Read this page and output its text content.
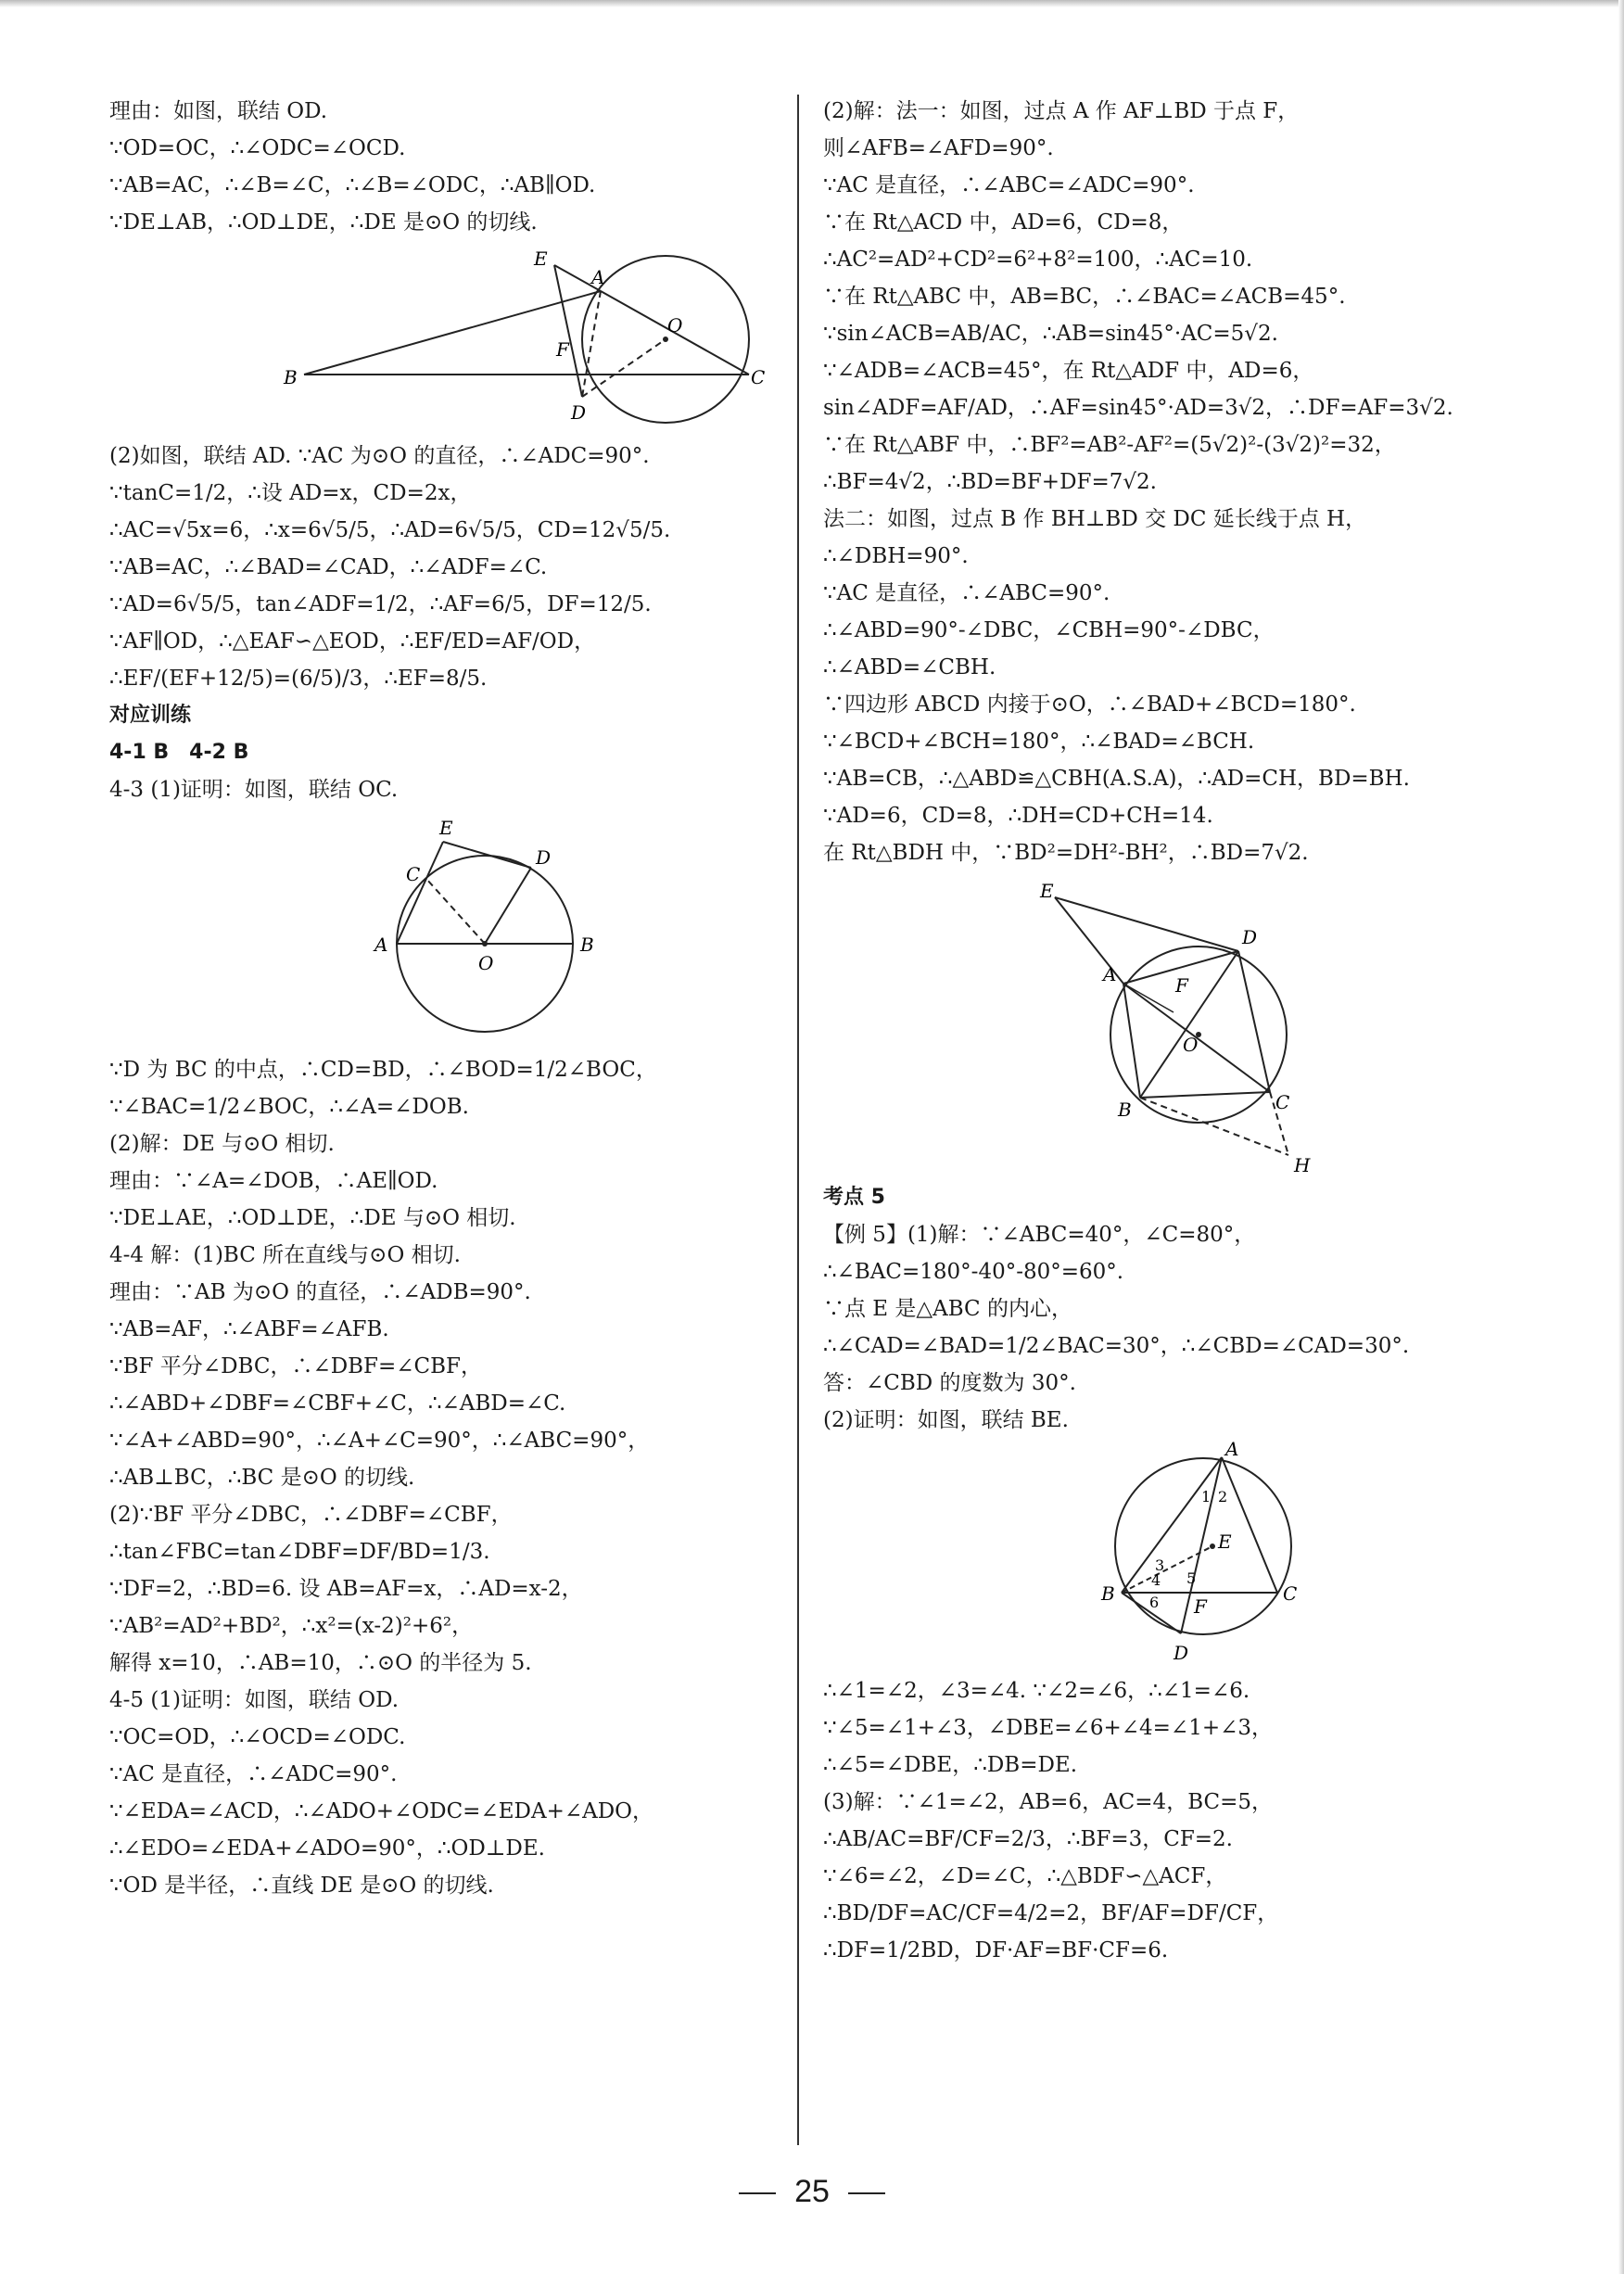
理由：如图，联结 OD.
∵OD=OC，∴∠ODC=∠OCD.
∵AB=AC，∴∠B=∠C，∴∠B=∠ODC，∴AB∥OD.
∵DE⊥AB，∴OD⊥DE，∴DE 是⊙O 的切线.
E
A
O
F
B
D
C
(2)如图，联结 AD. ∵AC 为⊙O 的直径，∴∠ADC=90°.
∵tanC=1/2，∴设 AD=x，CD=2x，
∴AC=√5x=6，∴x=6√5/5，∴AD=6√5/5，CD=12√5/5.
∵AB=AC，∴∠BAD=∠CAD，∴∠ADF=∠C.
∵AD=6√5/5，tan∠ADF=1/2，∴AF=6/5，DF=12/5.
∵AF∥OD，∴△EAF∽△EOD，∴EF/ED=AF/OD，
∴EF/(EF+12/5)=(6/5)/3，∴EF=8/5.
对应训练
4-1 B　4-2 B
4-3 (1)证明：如图，联结 OC.
E
D
C
A
O
B
∵D 为 BC 的中点，∴CD=BD，∴∠BOD=1/2∠BOC，
∵∠BAC=1/2∠BOC，∴∠A=∠DOB.
(2)解：DE 与⊙O 相切.
理由：∵∠A=∠DOB，∴AE∥OD.
∵DE⊥AE，∴OD⊥DE，∴DE 与⊙O 相切.
4-4 解：(1)BC 所在直线与⊙O 相切.
理由：∵AB 为⊙O 的直径，∴∠ADB=90°.
∵AB=AF，∴∠ABF=∠AFB.
∵BF 平分∠DBC，∴∠DBF=∠CBF，
∴∠ABD+∠DBF=∠CBF+∠C，∴∠ABD=∠C.
∵∠A+∠ABD=90°，∴∠A+∠C=90°，∴∠ABC=90°，
∴AB⊥BC，∴BC 是⊙O 的切线.
(2)∵BF 平分∠DBC，∴∠DBF=∠CBF，
∴tan∠FBC=tan∠DBF=DF/BD=1/3.
∵DF=2，∴BD=6. 设 AB=AF=x，∴AD=x-2，
∵AB²=AD²+BD²，∴x²=(x-2)²+6²，
解得 x=10，∴AB=10，∴⊙O 的半径为 5.
4-5 (1)证明：如图，联结 OD.
∵OC=OD，∴∠OCD=∠ODC.
∵AC 是直径，∴∠ADC=90°.
∵∠EDA=∠ACD，∴∠ADO+∠ODC=∠EDA+∠ADO，
∴∠EDO=∠EDA+∠ADO=90°，∴OD⊥DE.
∵OD 是半径，∴直线 DE 是⊙O 的切线.
(2)解：法一：如图，过点 A 作 AF⊥BD 于点 F，
则∠AFB=∠AFD=90°.
∵AC 是直径，∴∠ABC=∠ADC=90°.
∵在 Rt△ACD 中，AD=6，CD=8，
∴AC²=AD²+CD²=6²+8²=100，∴AC=10.
∵在 Rt△ABC 中，AB=BC，∴∠BAC=∠ACB=45°.
∵sin∠ACB=AB/AC，∴AB=sin45°·AC=5√2.
∵∠ADB=∠ACB=45°，在 Rt△ADF 中，AD=6，
sin∠ADF=AF/AD，∴AF=sin45°·AD=3√2，∴DF=AF=3√2.
∵在 Rt△ABF 中，∴BF²=AB²-AF²=(5√2)²-(3√2)²=32，
∴BF=4√2，∴BD=BF+DF=7√2.
法二：如图，过点 B 作 BH⊥BD 交 DC 延长线于点 H，
∴∠DBH=90°.
∵AC 是直径，∴∠ABC=90°.
∴∠ABD=90°-∠DBC，∠CBH=90°-∠DBC，
∴∠ABD=∠CBH.
∵四边形 ABCD 内接于⊙O，∴∠BAD+∠BCD=180°.
∵∠BCD+∠BCH=180°，∴∠BAD=∠BCH.
∵AB=CB，∴△ABD≌△CBH(A.S.A)，∴AD=CH，BD=BH.
∵AD=6，CD=8，∴DH=CD+CH=14.
在 Rt△BDH 中，∵BD²=DH²-BH²，∴BD=7√2.
E
D
A	F
O
B	C
H
考点 5
【例 5】(1)解：∵∠ABC=40°，∠C=80°，
∴∠BAC=180°-40°-80°=60°.
∵点 E 是△ABC 的内心，
∴∠CAD=∠BAD=1/2∠BAC=30°，∴∠CBD=∠CAD=30°.
答：∠CBD 的度数为 30°.
(2)证明：如图，联结 BE.
A
1 2
E
3
4 5
B 6 F
C
D
∴∠1=∠2，∠3=∠4. ∵∠2=∠6，∴∠1=∠6.
∵∠5=∠1+∠3，∠DBE=∠6+∠4=∠1+∠3，
∴∠5=∠DBE，∴DB=DE.
(3)解：∵∠1=∠2，AB=6，AC=4，BC=5，
∴AB/AC=BF/CF=2/3，∴BF=3，CF=2.
∵∠6=∠2，∠D=∠C，∴△BDF∽△ACF，
∴BD/DF=AC/CF=4/2=2，BF/AF=DF/CF，
∴DF=1/2BD，DF·AF=BF·CF=6.
25
